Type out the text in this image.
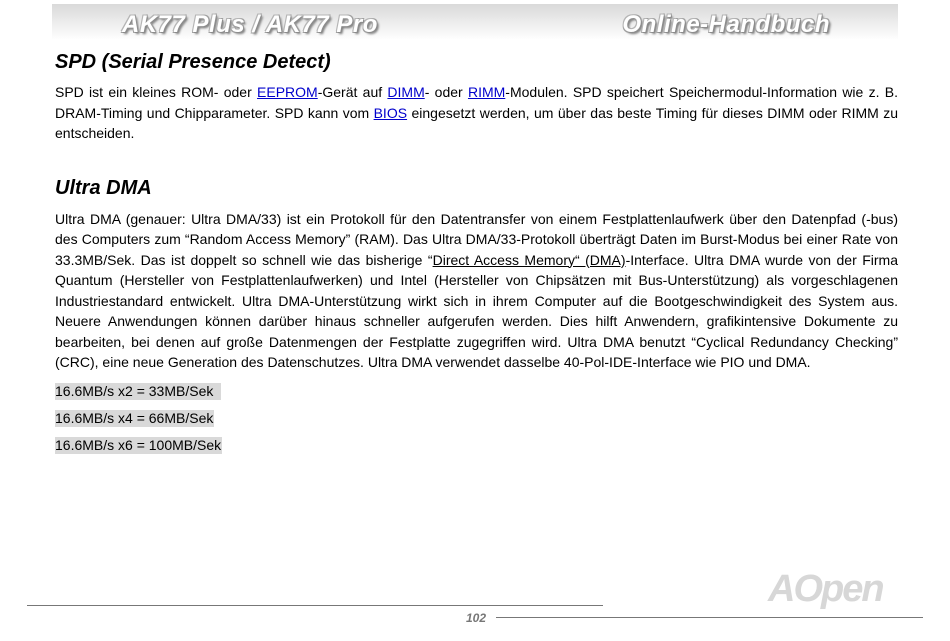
AK77 Plus / AK77 Pro	Online-Handbuch
SPD (Serial Presence Detect)

SPD ist ein kleines ROM- oder EEPROM-Gerät auf DIMM- oder RIMM-Modulen. SPD speichert Speichermodul-Information wie z. B. DRAM-Timing und Chipparameter. SPD kann vom BIOS eingesetzt werden, um über das beste Timing für dieses DIMM oder RIMM zu entscheiden.

Ultra DMA

Ultra DMA (genauer: Ultra DMA/33) ist ein Protokoll für den Datentransfer von einem Festplattenlaufwerk über den Datenpfad (-bus) des Computers zum “Random Access Memory” (RAM). Das Ultra DMA/33-Protokoll überträgt Daten im Burst-Modus bei einer Rate von 33.3MB/Sek. Das ist doppelt so schnell wie das bisherige “Direct Access Memory“ (DMA)-Interface. Ultra DMA wurde von der Firma Quantum (Hersteller von Festplattenlaufwerken) und Intel (Hersteller von Chipsätzen mit Bus-Unterstützung) als vorgeschlagenen Industriestandard entwickelt. Ultra DMA-Unterstützung wirkt sich in ihrem Computer auf die Bootgeschwindigkeit des System aus. Neuere Anwendungen können darüber hinaus schneller aufgerufen werden. Dies hilft Anwendern, grafikintensive Dokumente zu bearbeiten, bei denen auf große Datenmengen der Festplatte zugegriffen wird. Ultra DMA benutzt “Cyclical Redundancy Checking” (CRC), eine neue Generation des Datenschutzes. Ultra DMA verwendet dasselbe 40-Pol-IDE-Interface wie PIO und DMA.

16.6MB/s x2 = 33MB/Sek
16.6MB/s x4 = 66MB/Sek
16.6MB/s x6 = 100MB/Sek
AOpen
102
